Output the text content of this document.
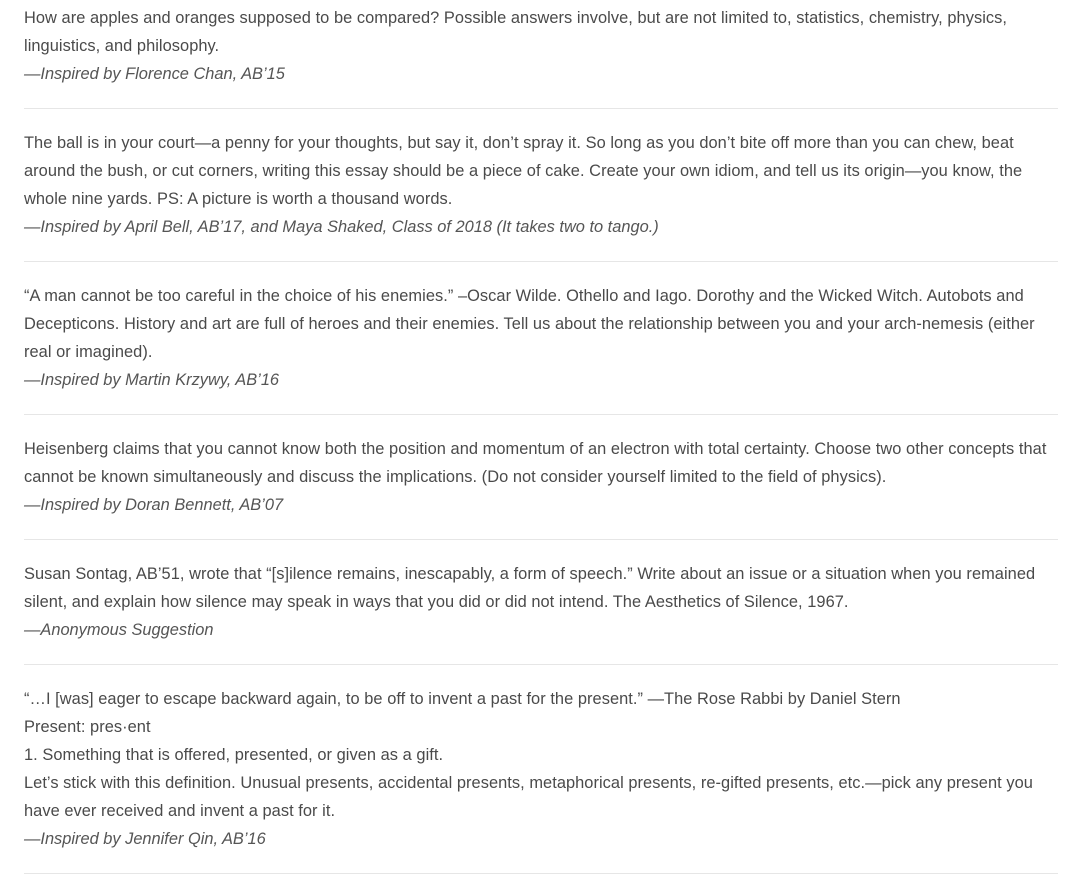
How are apples and oranges supposed to be compared? Possible answers involve, but are not limited to, statistics, chemistry, physics, linguistics, and philosophy.

—Inspired by Florence Chan, AB’15

The ball is in your court—a penny for your thoughts, but say it, don’t spray it. So long as you don’t bite off more than you can chew, beat around the bush, or cut corners, writing this essay should be a piece of cake. Create your own idiom, and tell us its origin—you know, the whole nine yards. PS: A picture is worth a thousand words.

—Inspired by April Bell, AB’17, and Maya Shaked, Class of 2018 (It takes two to tango.)

“A man cannot be too careful in the choice of his enemies.” –Oscar Wilde. Othello and Iago. Dorothy and the Wicked Witch. Autobots and Decepticons. History and art are full of heroes and their enemies. Tell us about the relationship between you and your arch-nemesis (either real or imagined).

—Inspired by Martin Krzywy, AB’16

Heisenberg claims that you cannot know both the position and momentum of an electron with total certainty. Choose two other concepts that cannot be known simultaneously and discuss the implications. (Do not consider yourself limited to the field of physics).

—Inspired by Doran Bennett, AB’07

Susan Sontag, AB’51, wrote that “[s]ilence remains, inescapably, a form of speech.” Write about an issue or a situation when you remained silent, and explain how silence may speak in ways that you did or did not intend. The Aesthetics of Silence, 1967.

—Anonymous Suggestion

“…I [was] eager to escape backward again, to be off to invent a past for the present.” —The Rose Rabbi by Daniel Stern

Present: pres·ent

1. Something that is offered, presented, or given as a gift.

Let’s stick with this definition. Unusual presents, accidental presents, metaphorical presents, re-gifted presents, etc.—pick any present you have ever received and invent a past for it.

—Inspired by Jennifer Qin, AB’16
